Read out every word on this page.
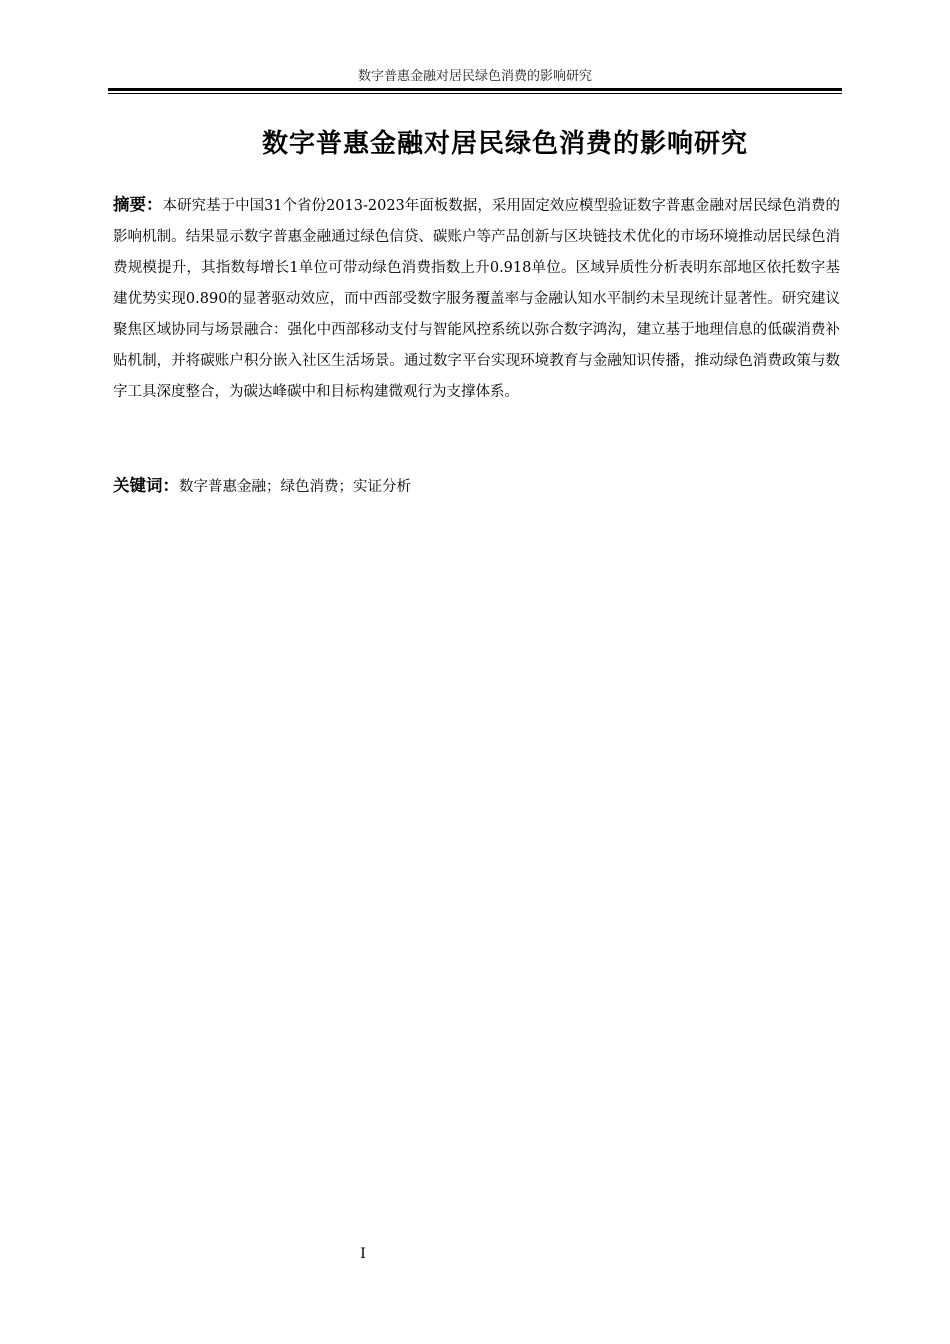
数字普惠金融对居民绿色消费的影响研究
数字普惠金融对居民绿色消费的影响研究
摘要：本研究基于中国31个省份2013-2023年面板数据，采用固定效应模型验证数字普惠金融对居民绿色消费的影响机制。结果显示数字普惠金融通过绿色信贷、碳账户等产品创新与区块链技术优化的市场环境推动居民绿色消费规模提升，其指数每增长1单位可带动绿色消费指数上升0.918单位。区域异质性分析表明东部地区依托数字基建优势实现0.890的显著驱动效应，而中西部受数字服务覆盖率与金融认知水平制约未呈现统计显著性。研究建议聚焦区域协同与场景融合：强化中西部移动支付与智能风控系统以弥合数字鸿沟，建立基于地理信息的低碳消费补贴机制，并将碳账户积分嵌入社区生活场景。通过数字平台实现环境教育与金融知识传播，推动绿色消费政策与数字工具深度整合，为碳达峰碳中和目标构建微观行为支撑体系。
关键词：数字普惠金融；绿色消费；实证分析
I
